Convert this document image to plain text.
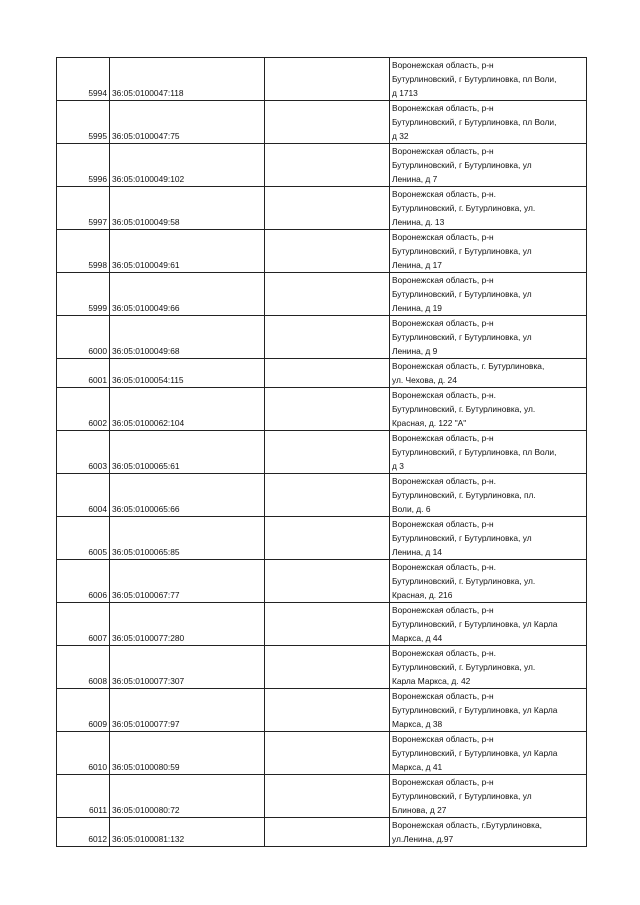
5994	36:05:0100047:118		Воронежская область, р-н
Бутурлиновский, г Бутурлиновка, пл Воли,
д 1713
5995	36:05:0100047:75		Воронежская область, р-н
Бутурлиновский, г Бутурлиновка, пл Воли,
д 32
5996	36:05:0100049:102		Воронежская область, р-н
Бутурлиновский, г Бутурлиновка, ул
Ленина, д 7
5997	36:05:0100049:58		Воронежская область, р-н.
Бутурлиновский, г. Бутурлиновка, ул.
Ленина, д. 13
5998	36:05:0100049:61		Воронежская область, р-н
Бутурлиновский, г Бутурлиновка, ул
Ленина, д 17
5999	36:05:0100049:66		Воронежская область, р-н
Бутурлиновский, г Бутурлиновка, ул
Ленина, д 19
6000	36:05:0100049:68		Воронежская область, р-н
Бутурлиновский, г Бутурлиновка, ул
Ленина, д 9
6001	36:05:0100054:115		Воронежская область, г. Бутурлиновка,
ул. Чехова, д. 24
6002	36:05:0100062:104		Воронежская область, р-н.
Бутурлиновский, г. Бутурлиновка, ул.
Красная, д. 122 "А"
6003	36:05:0100065:61		Воронежская область, р-н
Бутурлиновский, г Бутурлиновка, пл Воли,
д 3
6004	36:05:0100065:66		Воронежская область, р-н.
Бутурлиновский, г. Бутурлиновка, пл.
Воли, д. 6
6005	36:05:0100065:85		Воронежская область, р-н
Бутурлиновский, г Бутурлиновка, ул
Ленина, д 14
6006	36:05:0100067:77		Воронежская область, р-н.
Бутурлиновский, г. Бутурлиновка, ул.
Красная, д. 216
6007	36:05:0100077:280		Воронежская область, р-н
Бутурлиновский, г Бутурлиновка, ул Карла
Маркса, д 44
6008	36:05:0100077:307		Воронежская область, р-н.
Бутурлиновский, г. Бутурлиновка, ул.
Карла Маркса, д. 42
6009	36:05:0100077:97		Воронежская область, р-н
Бутурлиновский, г Бутурлиновка, ул Карла
Маркса, д 38
6010	36:05:0100080:59		Воронежская область, р-н
Бутурлиновский, г Бутурлиновка, ул Карла
Маркса, д 41
6011	36:05:0100080:72		Воронежская область, р-н
Бутурлиновский, г Бутурлиновка, ул
Блинова, д 27
6012	36:05:0100081:132		Воронежская область, г.Бутурлиновка,
ул.Ленина, д.97
